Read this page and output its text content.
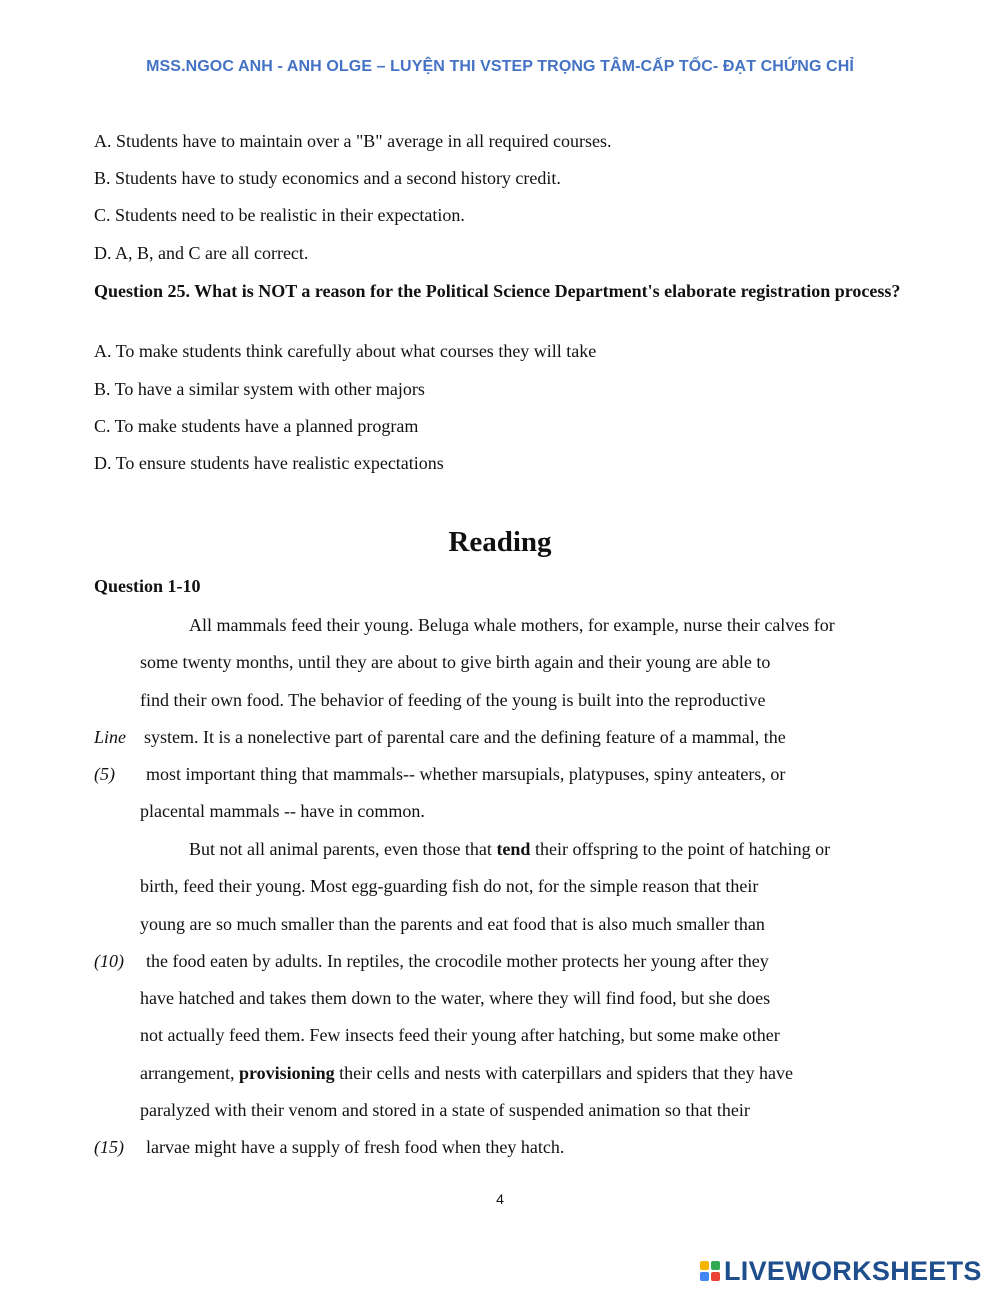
MSS.NGOC ANH - ANH OLGE – LUYỆN THI VSTEP TRỌNG TÂM-CẤP TỐC- ĐẠT CHỨNG CHỈ
A. Students have to maintain over a "B" average in all required courses.
B. Students have to study economics and a second history credit.
C. Students need to be realistic in their expectation.
D. A, B, and C are all correct.
Question 25. What is NOT a reason for the Political Science Department's elaborate registration process?
A. To make students think carefully about what courses they will take
B. To have a similar system with other majors
C. To make students have a planned program
D. To ensure students have realistic expectations
Reading
Question 1-10
Line
(5)
(10)
(15)
All mammals feed their young. Beluga whale mothers, for example, nurse their calves for
some twenty months, until they are about to give birth again and their young are able to
find their own food. The behavior of feeding of the young is built into the reproductive
system. It is a nonelective part of parental care and the defining feature of a mammal, the
most important thing that mammals-- whether marsupials, platypuses, spiny anteaters, or
placental mammals -- have in common.
But not all animal parents, even those that tend their offspring to the point of hatching or
birth, feed their young. Most egg-guarding fish do not, for the simple reason that their
young are so much smaller than the parents and eat food that is also much smaller than
the food eaten by adults. In reptiles, the crocodile mother protects her young after they
have hatched and takes them down to the water, where they will find food, but she does
not actually feed them. Few insects feed their young after hatching, but some make other
arrangement, provisioning their cells and nests with caterpillars and spiders that they have
paralyzed with their venom and stored in a state of suspended animation so that their
larvae might have a supply of fresh food when they hatch.
4
LIVEWORKSHEETS
